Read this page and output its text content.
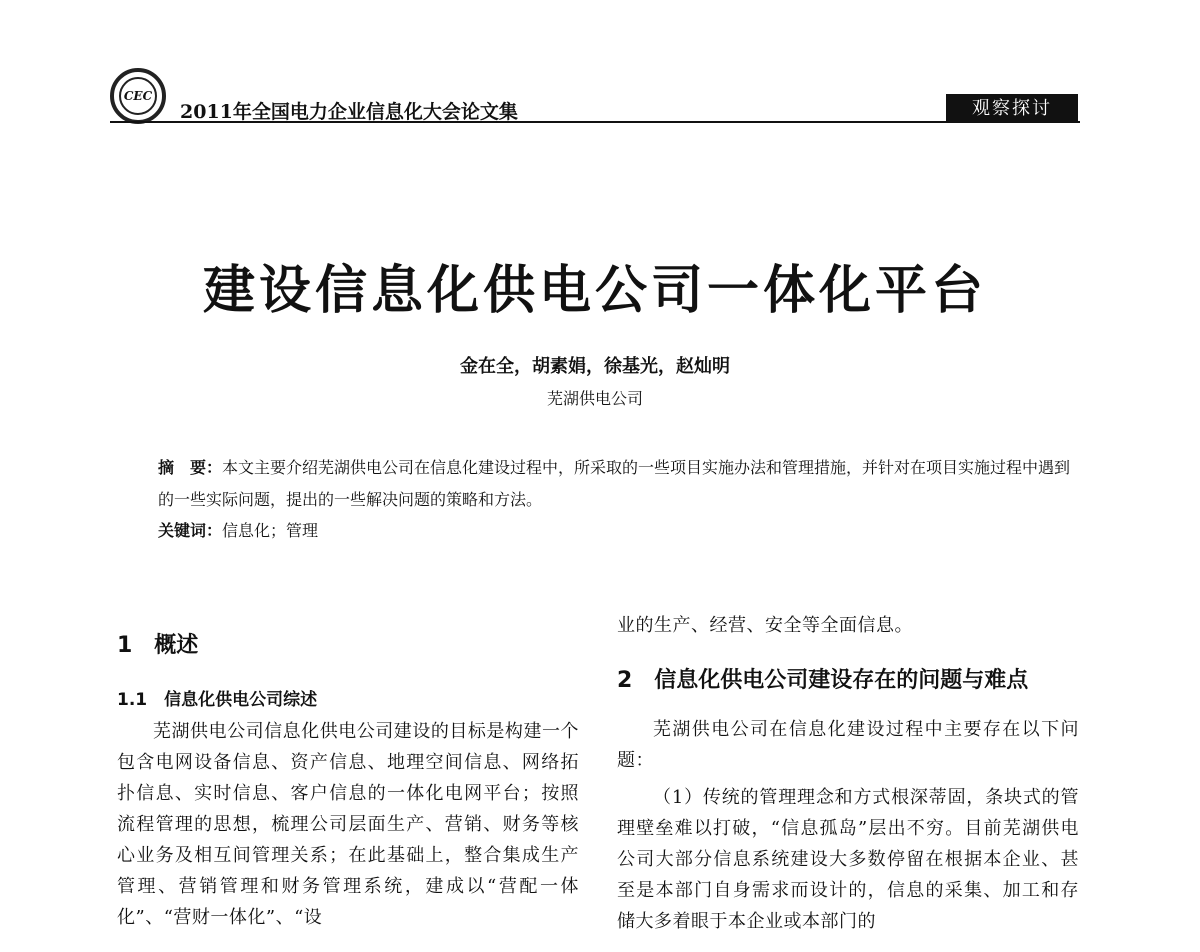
CEC
2011年全国电力企业信息化大会论文集	观察探讨
建设信息化供电公司一体化平台
金在全，胡素娟，徐基光，赵灿明
芜湖供电公司

摘　要：本文主要介绍芜湖供电公司在信息化建设过程中，所采取的一些项目实施办法和管理措施，并针对在项目实施过程中遇到的一些实际问题，提出的一些解决问题的策略和方法。

关键词：信息化；管理
1　概述
1.1　信息化供电公司综述

芜湖供电公司信息化供电公司建设的目标是构建一个包含电网设备信息、资产信息、地理空间信息、网络拓扑信息、实时信息、客户信息的一体化电网平台；按照流程管理的思想，梳理公司层面生产、营销、财务等核心业务及相互间管理关系；在此基础上，整合集成生产管理、营销管理和财务管理系统，建成以“营配一体化”、“营财一体化”、“设

业的生产、经营、安全等全面信息。

2　信息化供电公司建设存在的问题与难点

芜湖供电公司在信息化建设过程中主要存在以下问题：

（1）传统的管理理念和方式根深蒂固，条块式的管理壁垒难以打破，“信息孤岛”层出不穷。目前芜湖供电公司大部分信息系统建设大多数停留在根据本企业、甚至是本部门自身需求而设计的，信息的采集、加工和存储大多着眼于本企业或本部门的
